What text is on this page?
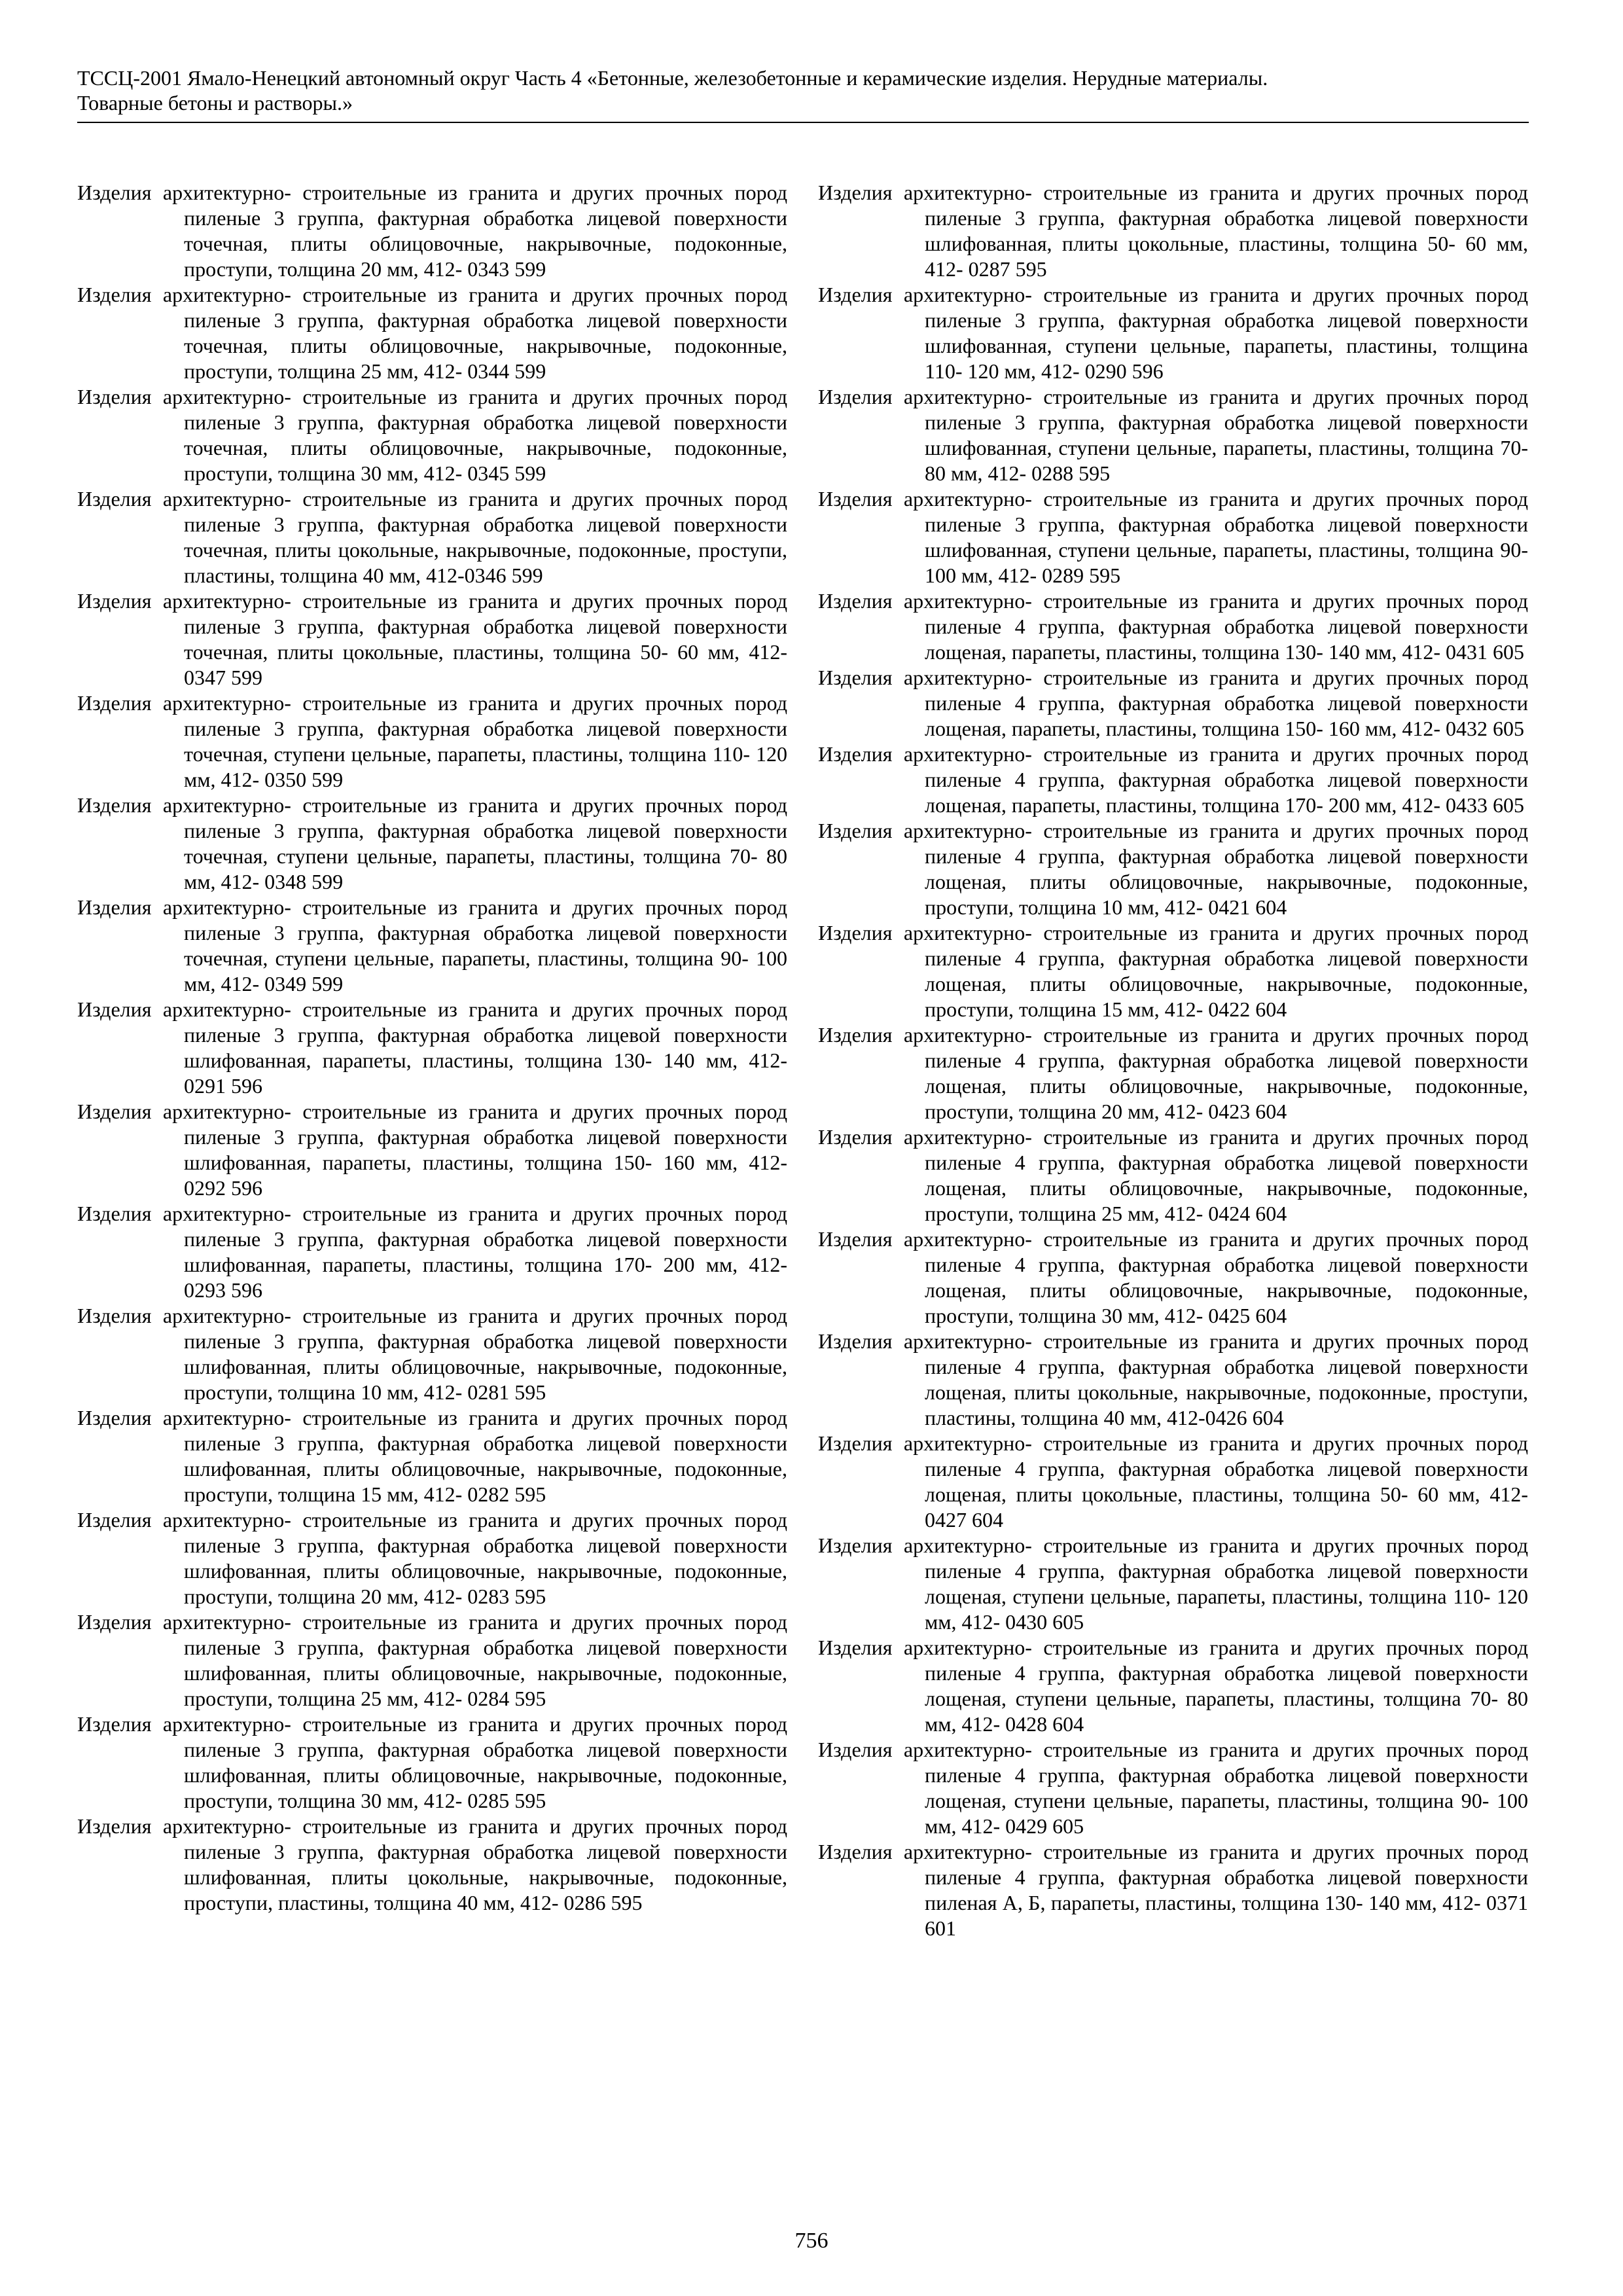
ТССЦ-2001 Ямало-Ненецкий автономный округ Часть 4 «Бетонные, железобетонные и керамические изделия. Нерудные материалы.
Товарные бетоны и растворы.»

Изделия архитектурно- строительные из гранита и других прочных пород пиленые 3 группа, фактурная обработка лицевой поверхности точечная, плиты облицовочные, накрывочные, подоконные, проступи, толщина 20 мм, 412- 0343 599

Изделия архитектурно- строительные из гранита и других прочных пород пиленые 3 группа, фактурная обработка лицевой поверхности точечная, плиты облицовочные, накрывочные, подоконные, проступи, толщина 25 мм, 412- 0344 599

Изделия архитектурно- строительные из гранита и других прочных пород пиленые 3 группа, фактурная обработка лицевой поверхности точечная, плиты облицовочные, накрывочные, подоконные, проступи, толщина 30 мм, 412- 0345 599

Изделия архитектурно- строительные из гранита и других прочных пород пиленые 3 группа, фактурная обработка лицевой поверхности точечная, плиты цокольные, накрывочные, подоконные, проступи, пластины, толщина 40 мм, 412-0346 599

Изделия архитектурно- строительные из гранита и других прочных пород пиленые 3 группа, фактурная обработка лицевой поверхности точечная, плиты цокольные, пластины, толщина 50- 60 мм, 412- 0347 599

Изделия архитектурно- строительные из гранита и других прочных пород пиленые 3 группа, фактурная обработка лицевой поверхности точечная, ступени цельные, парапеты, пластины, толщина 110- 120 мм, 412- 0350 599

Изделия архитектурно- строительные из гранита и других прочных пород пиленые 3 группа, фактурная обработка лицевой поверхности точечная, ступени цельные, парапеты, пластины, толщина 70- 80 мм, 412- 0348 599

Изделия архитектурно- строительные из гранита и других прочных пород пиленые 3 группа, фактурная обработка лицевой поверхности точечная, ступени цельные, парапеты, пластины, толщина 90- 100 мм, 412- 0349 599

Изделия архитектурно- строительные из гранита и других прочных пород пиленые 3 группа, фактурная обработка лицевой поверхности шлифованная, парапеты, пластины, толщина 130- 140 мм, 412- 0291 596

Изделия архитектурно- строительные из гранита и других прочных пород пиленые 3 группа, фактурная обработка лицевой поверхности шлифованная, парапеты, пластины, толщина 150- 160 мм, 412- 0292 596

Изделия архитектурно- строительные из гранита и других прочных пород пиленые 3 группа, фактурная обработка лицевой поверхности шлифованная, парапеты, пластины, толщина 170- 200 мм, 412- 0293 596

Изделия архитектурно- строительные из гранита и других прочных пород пиленые 3 группа, фактурная обработка лицевой поверхности шлифованная, плиты облицовочные, накрывочные, подоконные, проступи, толщина 10 мм, 412- 0281 595

Изделия архитектурно- строительные из гранита и других прочных пород пиленые 3 группа, фактурная обработка лицевой поверхности шлифованная, плиты облицовочные, накрывочные, подоконные, проступи, толщина 15 мм, 412- 0282 595

Изделия архитектурно- строительные из гранита и других прочных пород пиленые 3 группа, фактурная обработка лицевой поверхности шлифованная, плиты облицовочные, накрывочные, подоконные, проступи, толщина 20 мм, 412- 0283 595

Изделия архитектурно- строительные из гранита и других прочных пород пиленые 3 группа, фактурная обработка лицевой поверхности шлифованная, плиты облицовочные, накрывочные, подоконные, проступи, толщина 25 мм, 412- 0284 595

Изделия архитектурно- строительные из гранита и других прочных пород пиленые 3 группа, фактурная обработка лицевой поверхности шлифованная, плиты облицовочные, накрывочные, подоконные, проступи, толщина 30 мм, 412- 0285 595

Изделия архитектурно- строительные из гранита и других прочных пород пиленые 3 группа, фактурная обработка лицевой поверхности шлифованная, плиты цокольные, накрывочные, подоконные, проступи, пластины, толщина 40 мм, 412- 0286 595

Изделия архитектурно- строительные из гранита и других прочных пород пиленые 3 группа, фактурная обработка лицевой поверхности шлифованная, плиты цокольные, пластины, толщина 50- 60 мм, 412- 0287 595

Изделия архитектурно- строительные из гранита и других прочных пород пиленые 3 группа, фактурная обработка лицевой поверхности шлифованная, ступени цельные, парапеты, пластины, толщина 110- 120 мм, 412- 0290 596

Изделия архитектурно- строительные из гранита и других прочных пород пиленые 3 группа, фактурная обработка лицевой поверхности шлифованная, ступени цельные, парапеты, пластины, толщина 70- 80 мм, 412- 0288 595

Изделия архитектурно- строительные из гранита и других прочных пород пиленые 3 группа, фактурная обработка лицевой поверхности шлифованная, ступени цельные, парапеты, пластины, толщина 90- 100 мм, 412- 0289 595

Изделия архитектурно- строительные из гранита и других прочных пород пиленые 4 группа, фактурная обработка лицевой поверхности лощеная, парапеты, пластины, толщина 130- 140 мм, 412- 0431 605

Изделия архитектурно- строительные из гранита и других прочных пород пиленые 4 группа, фактурная обработка лицевой поверхности лощеная, парапеты, пластины, толщина 150- 160 мм, 412- 0432 605

Изделия архитектурно- строительные из гранита и других прочных пород пиленые 4 группа, фактурная обработка лицевой поверхности лощеная, парапеты, пластины, толщина 170- 200 мм, 412- 0433 605

Изделия архитектурно- строительные из гранита и других прочных пород пиленые 4 группа, фактурная обработка лицевой поверхности лощеная, плиты облицовочные, накрывочные, подоконные, проступи, толщина 10 мм, 412- 0421 604

Изделия архитектурно- строительные из гранита и других прочных пород пиленые 4 группа, фактурная обработка лицевой поверхности лощеная, плиты облицовочные, накрывочные, подоконные, проступи, толщина 15 мм, 412- 0422 604

Изделия архитектурно- строительные из гранита и других прочных пород пиленые 4 группа, фактурная обработка лицевой поверхности лощеная, плиты облицовочные, накрывочные, подоконные, проступи, толщина 20 мм, 412- 0423 604

Изделия архитектурно- строительные из гранита и других прочных пород пиленые 4 группа, фактурная обработка лицевой поверхности лощеная, плиты облицовочные, накрывочные, подоконные, проступи, толщина 25 мм, 412- 0424 604

Изделия архитектурно- строительные из гранита и других прочных пород пиленые 4 группа, фактурная обработка лицевой поверхности лощеная, плиты облицовочные, накрывочные, подоконные, проступи, толщина 30 мм, 412- 0425 604

Изделия архитектурно- строительные из гранита и других прочных пород пиленые 4 группа, фактурная обработка лицевой поверхности лощеная, плиты цокольные, накрывочные, подоконные, проступи, пластины, толщина 40 мм, 412-0426 604

Изделия архитектурно- строительные из гранита и других прочных пород пиленые 4 группа, фактурная обработка лицевой поверхности лощеная, плиты цокольные, пластины, толщина 50- 60 мм, 412- 0427 604

Изделия архитектурно- строительные из гранита и других прочных пород пиленые 4 группа, фактурная обработка лицевой поверхности лощеная, ступени цельные, парапеты, пластины, толщина 110- 120 мм, 412- 0430 605

Изделия архитектурно- строительные из гранита и других прочных пород пиленые 4 группа, фактурная обработка лицевой поверхности лощеная, ступени цельные, парапеты, пластины, толщина 70- 80 мм, 412- 0428 604

Изделия архитектурно- строительные из гранита и других прочных пород пиленые 4 группа, фактурная обработка лицевой поверхности лощеная, ступени цельные, парапеты, пластины, толщина 90- 100 мм, 412- 0429 605

Изделия архитектурно- строительные из гранита и других прочных пород пиленые 4 группа, фактурная обработка лицевой поверхности пиленая А, Б, парапеты, пластины, толщина 130- 140 мм, 412- 0371 601

756
